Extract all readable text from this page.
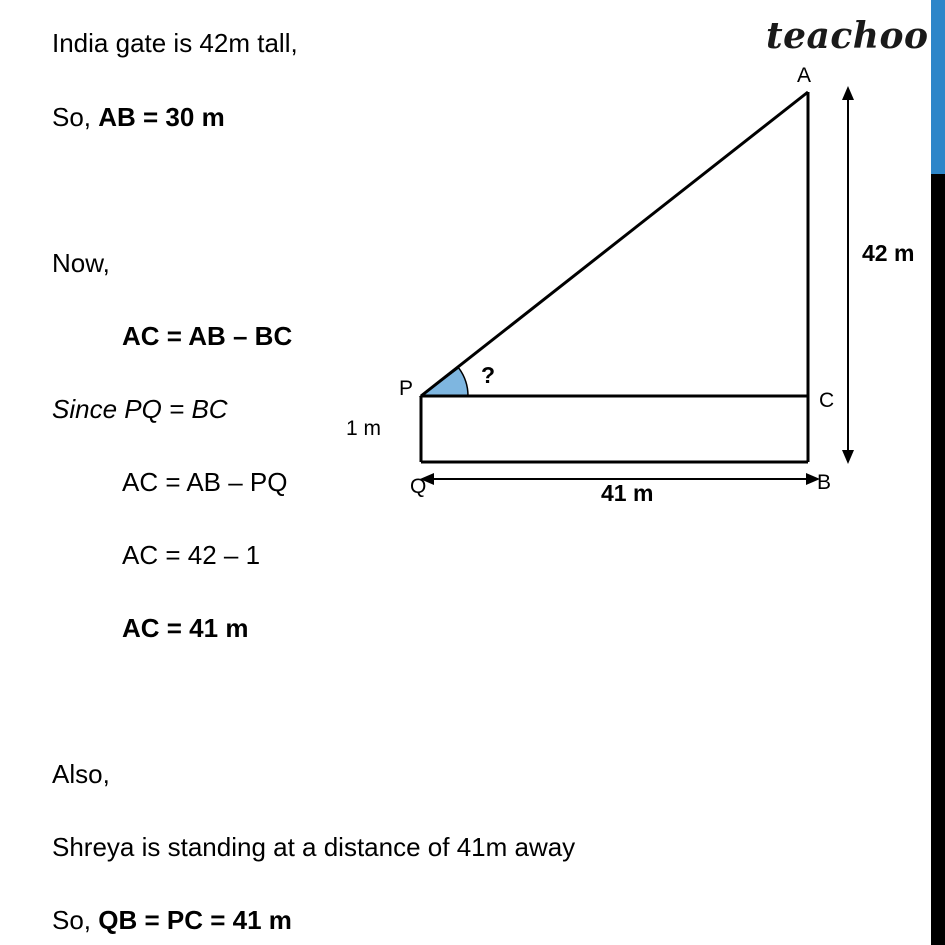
India gate is 42m tall,
So, AB = 30 m
Now,
AC = AB – BC
Since PQ = BC
AC = AB – PQ
AC = 42 – 1
AC = 41 m
Also,
Shreya is standing at a distance of 41m away
So, QB = PC = 41 m
teachoo
A
C
B
P
Q
42 m
41 m
1 m
?
